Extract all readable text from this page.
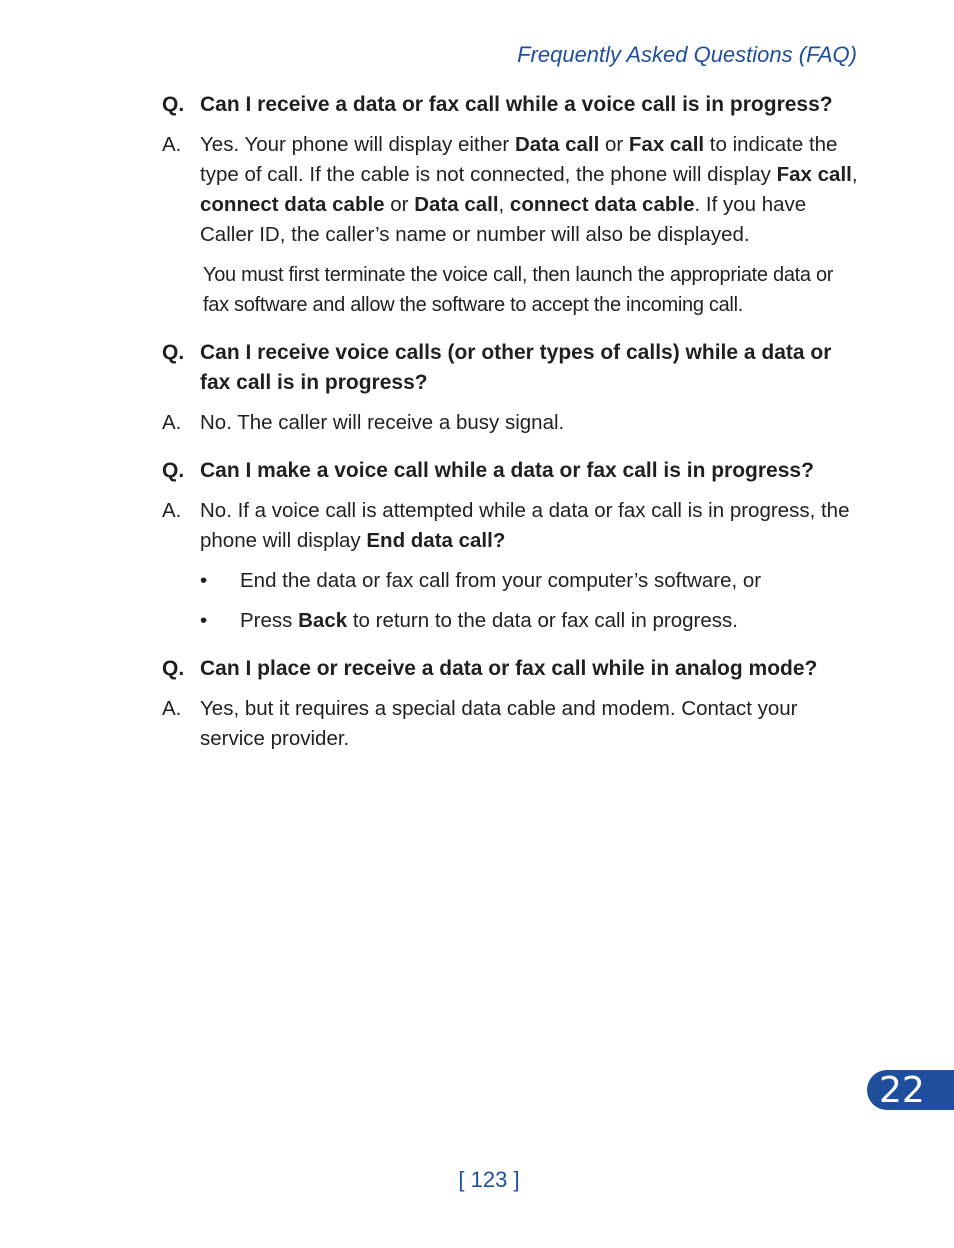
Frequently Asked Questions (FAQ)
Q. Can I receive a data or fax call while a voice call is in progress?
A. Yes. Your phone will display either Data call or Fax call to indicate the type of call. If the cable is not connected, the phone will display Fax call, connect data cable or Data call, connect data cable. If you have Caller ID, the caller’s name or number will also be displayed.
You must first terminate the voice call, then launch the appropriate data or fax software and allow the software to accept the incoming call.
Q. Can I receive voice calls (or other types of calls) while a data or fax call is in progress?
A. No. The caller will receive a busy signal.
Q. Can I make a voice call while a data or fax call is in progress?
A. No. If a voice call is attempted while a data or fax call is in progress, the phone will display End data call?
• End the data or fax call from your computer’s software, or
• Press Back to return to the data or fax call in progress.
Q. Can I place or receive a data or fax call while in analog mode?
A. Yes, but it requires a special data cable and modem. Contact your service provider.
22
[ 123 ]
